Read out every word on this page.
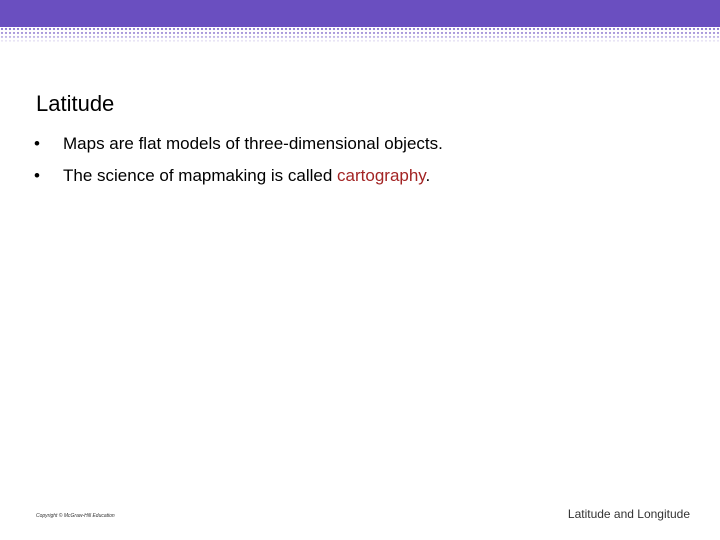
Latitude
• Maps are flat models of three-dimensional objects.
• The science of mapmaking is called cartography.
Copyright © McGraw-Hill Education	Latitude and Longitude
